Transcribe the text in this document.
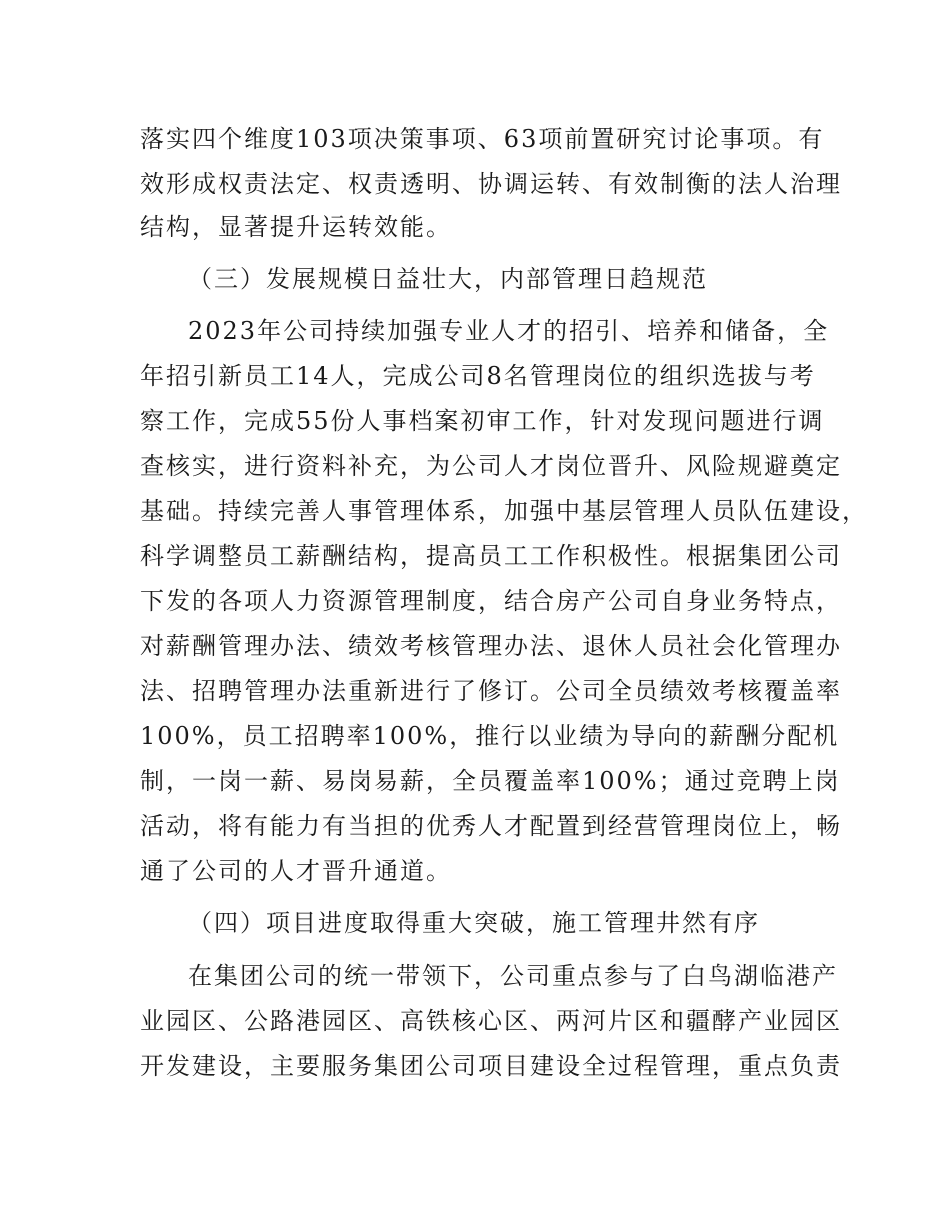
落实四个维度103项决策事项、63项前置研究讨论事项。有

效形成权责法定、权责透明、协调运转、有效制衡的法人治理

结构，显著提升运转效能。

（三）发展规模日益壮大，内部管理日趋规范

2023年公司持续加强专业人才的招引、培养和储备，全

年招引新员工14人，完成公司8名管理岗位的组织选拔与考

察工作，完成55份人事档案初审工作，针对发现问题进行调

查核实，进行资料补充，为公司人才岗位晋升、风险规避奠定

基础。持续完善人事管理体系，加强中基层管理人员队伍建设，

科学调整员工薪酬结构，提高员工工作积极性。根据集团公司

下发的各项人力资源管理制度，结合房产公司自身业务特点，

对薪酬管理办法、绩效考核管理办法、退休人员社会化管理办

法、招聘管理办法重新进行了修订。公司全员绩效考核覆盖率

100%，员工招聘率100%，推行以业绩为导向的薪酬分配机

制，一岗一薪、易岗易薪，全员覆盖率100%；通过竞聘上岗

活动，将有能力有当担的优秀人才配置到经营管理岗位上，畅

通了公司的人才晋升通道。

（四）项目进度取得重大突破，施工管理井然有序

在集团公司的统一带领下，公司重点参与了白鸟湖临港产

业园区、公路港园区、高铁核心区、两河片区和疆酵产业园区

开发建设，主要服务集团公司项目建设全过程管理，重点负责
